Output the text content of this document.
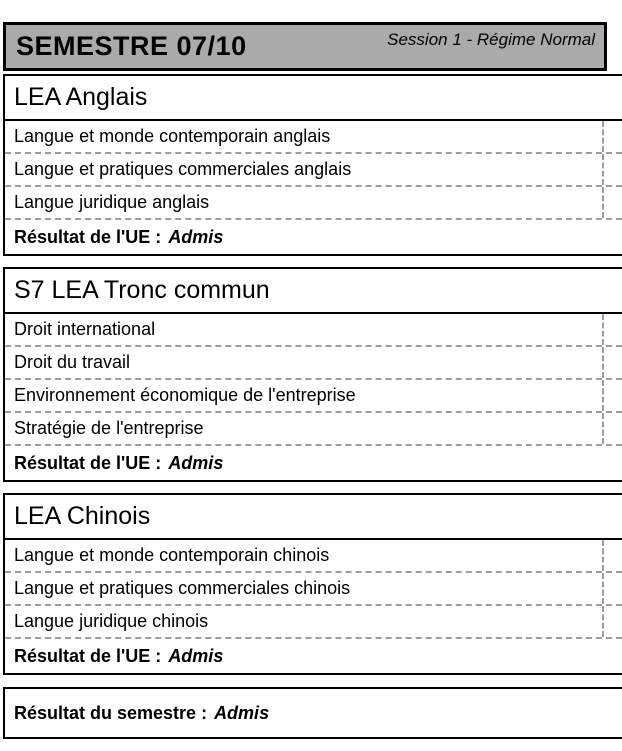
SEMESTRE 07/10	Session 1 - Régime Normal
LEA Anglais
Langue et monde contemporain anglais
Langue et pratiques commerciales anglais
Langue juridique anglais
Résultat de l'UE : Admis
S7 LEA Tronc commun
Droit international
Droit du travail
Environnement économique de l'entreprise
Stratégie de l'entreprise
Résultat de l'UE : Admis
LEA Chinois
Langue et monde contemporain chinois
Langue et pratiques commerciales chinois
Langue juridique chinois
Résultat de l'UE : Admis
Résultat du semestre : Admis
